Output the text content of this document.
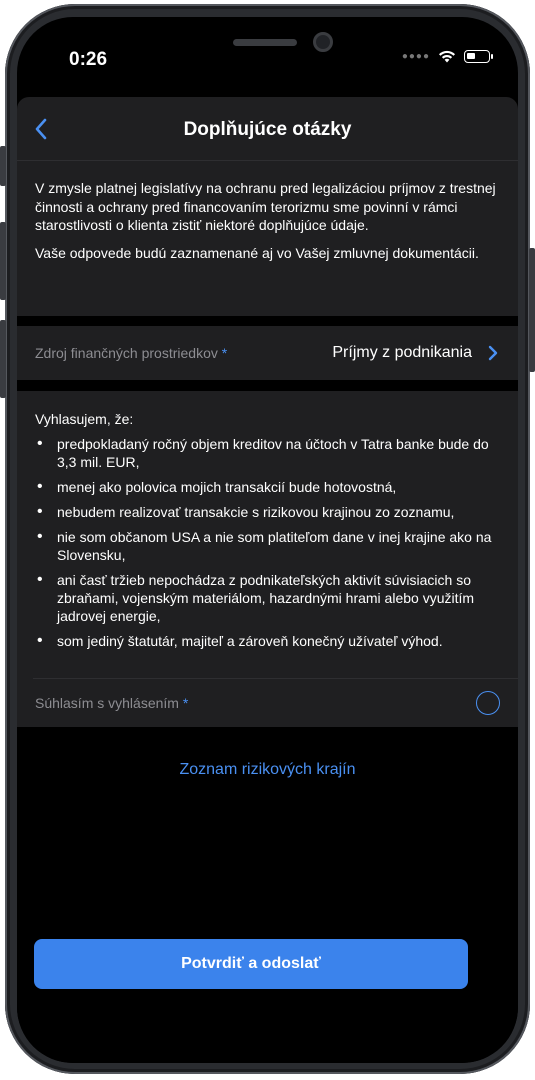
0:26	●●●●
Doplňujúce otázky

V zmysle platnej legislatívy na ochranu pred legalizáciou príjmov z trestnej činnosti a ochrany pred financovaním terorizmu sme povinní v rámci starostlivosti o klienta zistiť niektoré doplňujúce údaje.

Vaše odpovede budú zaznamenané aj vo Vašej zmluvnej dokumentácii.

Zdroj finančných prostriedkov *	Príjmy z podnikania
Vyhlasujem, že:
• predpokladaný ročný objem kreditov na účtoch v Tatra banke bude do 3,3 mil. EUR,
• menej ako polovica mojich transakcií bude hotovostná,
• nebudem realizovať transakcie s rizikovou krajinou zo zoznamu,
• nie som občanom USA a nie som platiteľom dane v inej krajine ako na Slovensku,
• ani časť tržieb nepochádza z podnikateľských aktivít súvisiacich so zbraňami, vojenským materiálom, hazardnými hrami alebo využitím jadrovej energie,
• som jediný štatutár, majiteľ a zároveň konečný užívateľ výhod.
Súhlasím s vyhlásením *
Zoznam rizikových krajín
Potvrdiť a odoslať
